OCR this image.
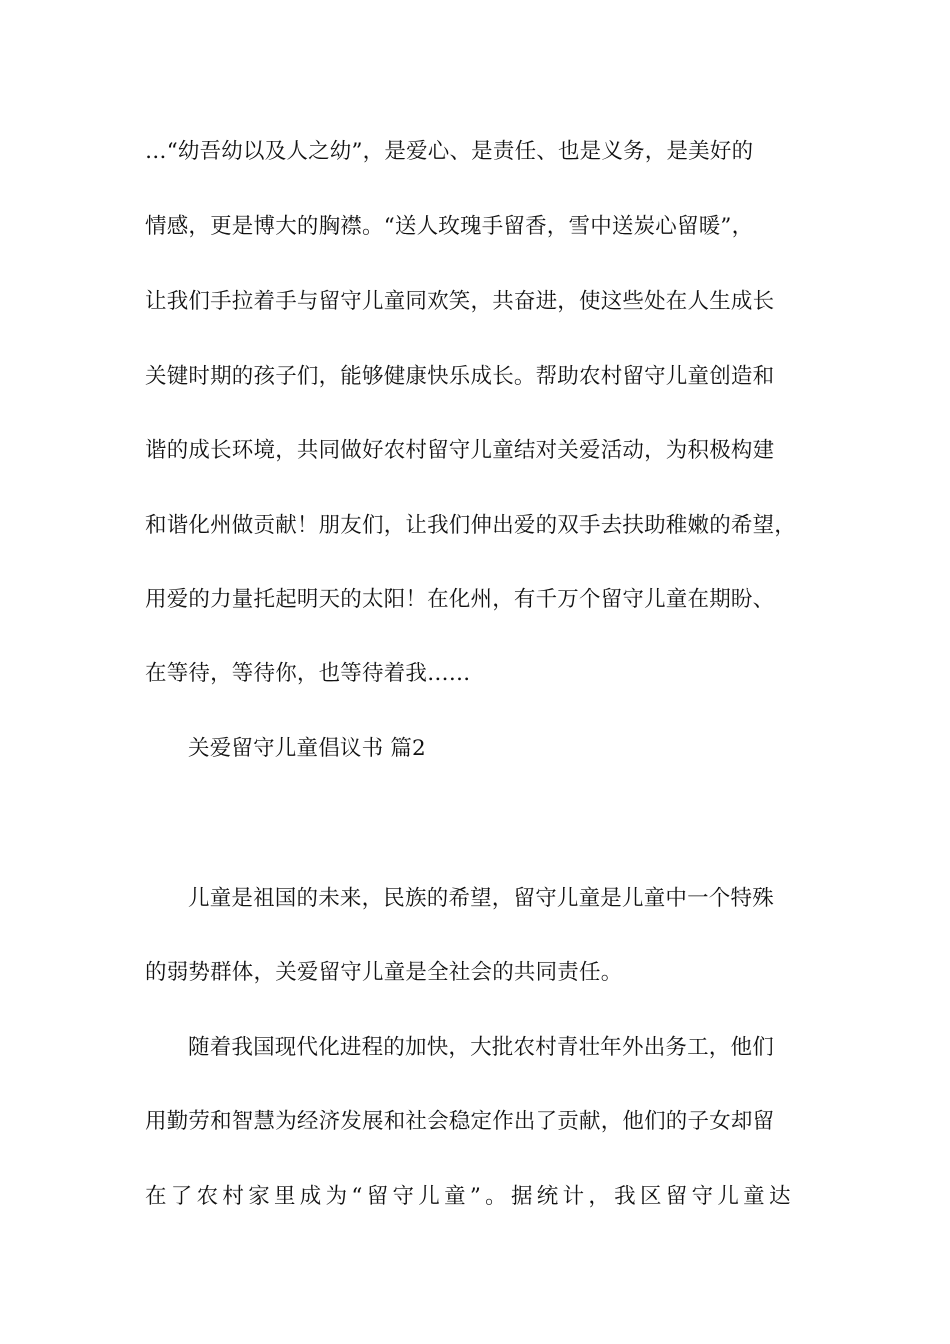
…“幼吾幼以及人之幼”，是爱心、是责任、也是义务，是美好的
情感，更是博大的胸襟。“送人玫瑰手留香，雪中送炭心留暖”，
让我们手拉着手与留守儿童同欢笑，共奋进，使这些处在人生成长
关键时期的孩子们，能够健康快乐成长。帮助农村留守儿童创造和
谐的成长环境，共同做好农村留守儿童结对关爱活动，为积极构建
和谐化州做贡献！朋友们，让我们伸出爱的双手去扶助稚嫩的希望，
用爱的力量托起明天的太阳！在化州，有千万个留守儿童在期盼、
在等待，等待你，也等待着我……
关爱留守儿童倡议书 篇2
儿童是祖国的未来，民族的希望，留守儿童是儿童中一个特殊
的弱势群体，关爱留守儿童是全社会的共同责任。
随着我国现代化进程的加快，大批农村青壮年外出务工，他们
用勤劳和智慧为经济发展和社会稳定作出了贡献，他们的子女却留
在了农村家里成为“留守儿童”。据统计，我区留守儿童达
